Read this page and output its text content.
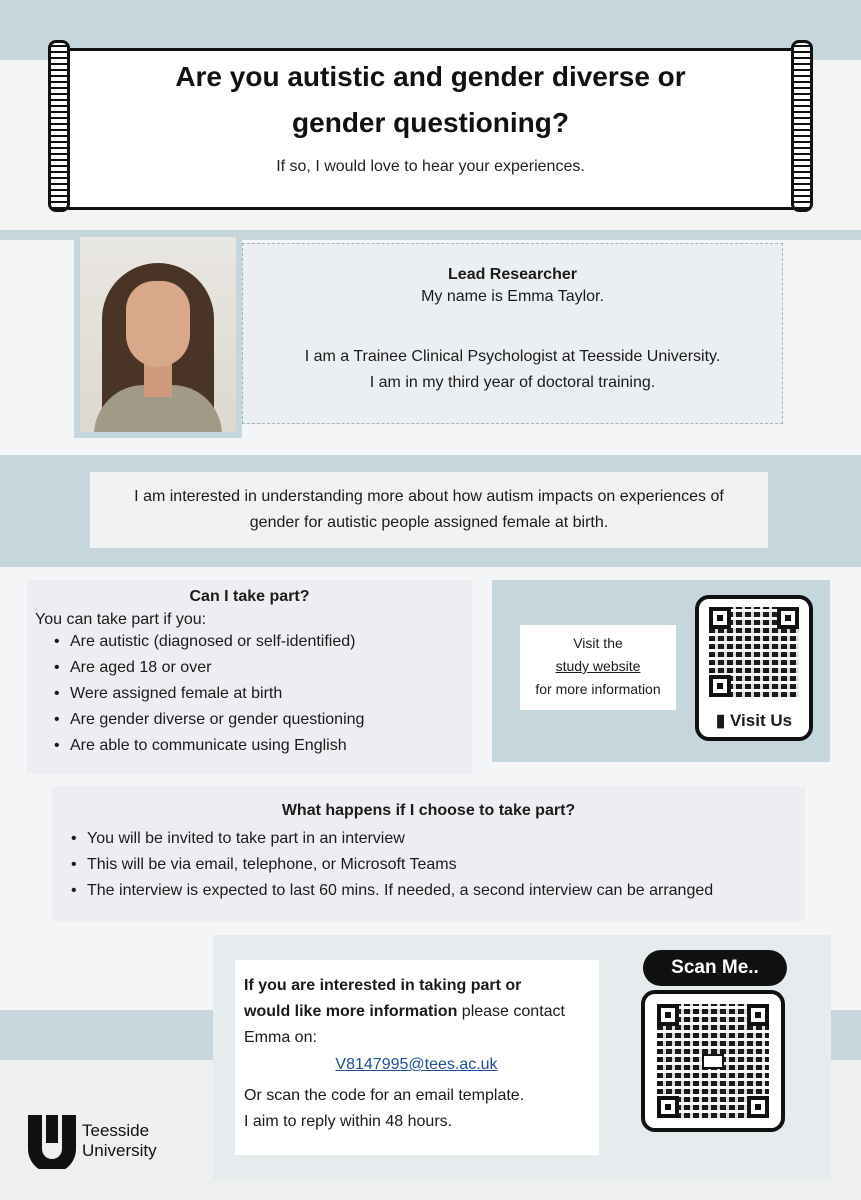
Are you autistic and gender diverse or
gender questioning?
If so, I would love to hear your experiences.
Lead Researcher
My name is Emma Taylor.
I am a Trainee Clinical Psychologist at Teesside University.
I am in my third year of doctoral training.
I am interested in understanding more about how autism impacts on experiences of
gender for autistic people assigned female at birth.
Can I take part?
You can take part if you:
• Are autistic (diagnosed or self-identified)
• Are aged 18 or over
• Were assigned female at birth
• Are gender diverse or gender questioning
• Are able to communicate using English
Visit the
study website
for more information
▮ Visit Us
What happens if I choose to take part?
• You will be invited to take part in an interview
• This will be via email, telephone, or Microsoft Teams
• The interview is expected to last 60 mins. If needed, a second interview can be arranged
If you are interested in taking part or
would like more information please contact
Emma on:
V8147995@tees.ac.uk
Or scan the code for an email template.
I aim to reply within 48 hours.
Scan Me..
Teesside
University
